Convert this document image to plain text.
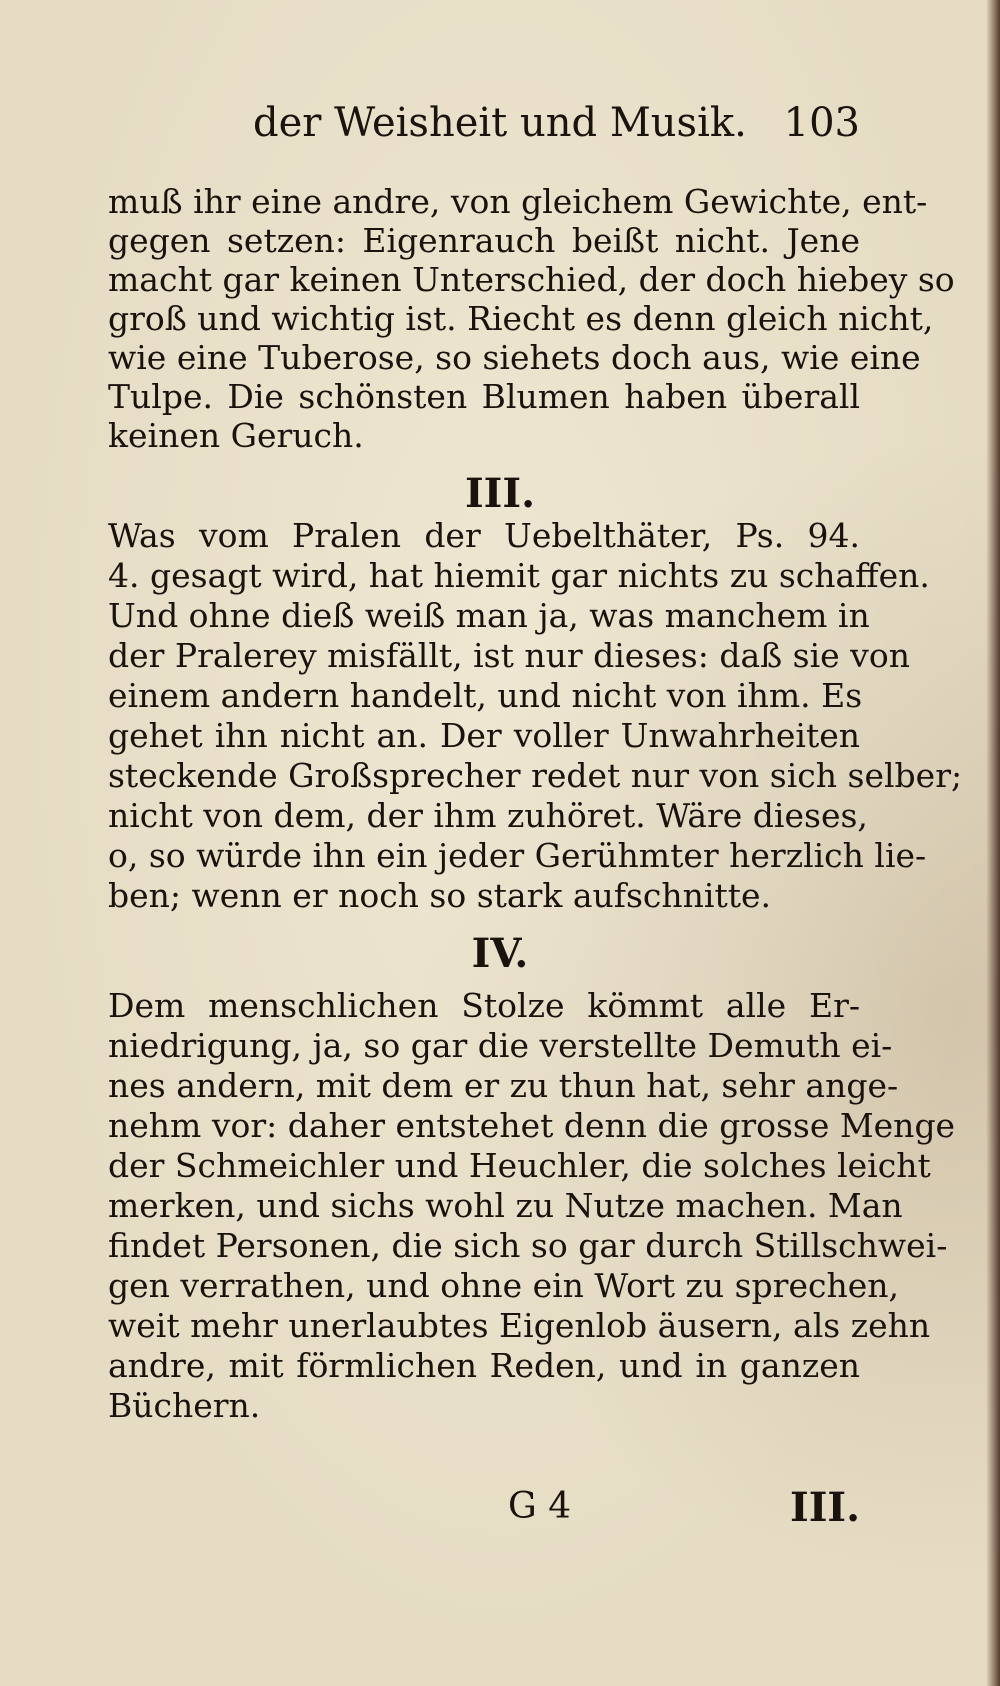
der Weisheit und Musik. 103
muß ihr eine andre, von gleichem Gewichte, ent-
gegen setzen: Eigenrauch beißt nicht. Jene
macht gar keinen Unterschied, der doch hiebey so
groß und wichtig ist. Riecht es denn gleich nicht,
wie eine Tuberose, so siehets doch aus, wie eine
Tulpe. Die schönsten Blumen haben überall
keinen Geruch.
III.
Was vom Pralen der Uebelthäter, Ps. 94.
4. gesagt wird, hat hiemit gar nichts zu schaffen.
Und ohne dieß weiß man ja, was manchem in
der Pralerey misfällt, ist nur dieses: daß sie von
einem andern handelt, und nicht von ihm. Es
gehet ihn nicht an. Der voller Unwahrheiten
steckende Großsprecher redet nur von sich selber;
nicht von dem, der ihm zuhöret. Wäre dieses,
o, so würde ihn ein jeder Gerühmter herzlich lie-
ben; wenn er noch so stark aufschnitte.
IV.
Dem menschlichen Stolze kömmt alle Er-
niedrigung, ja, so gar die verstellte Demuth ei-
nes andern, mit dem er zu thun hat, sehr ange-
nehm vor: daher entstehet denn die grosse Menge
der Schmeichler und Heuchler, die solches leicht
merken, und sichs wohl zu Nutze machen. Man
findet Personen, die sich so gar durch Stillschwei-
gen verrathen, und ohne ein Wort zu sprechen,
weit mehr unerlaubtes Eigenlob äusern, als zehn
andre, mit förmlichen Reden, und in ganzen
Büchern.
G 4	III.
